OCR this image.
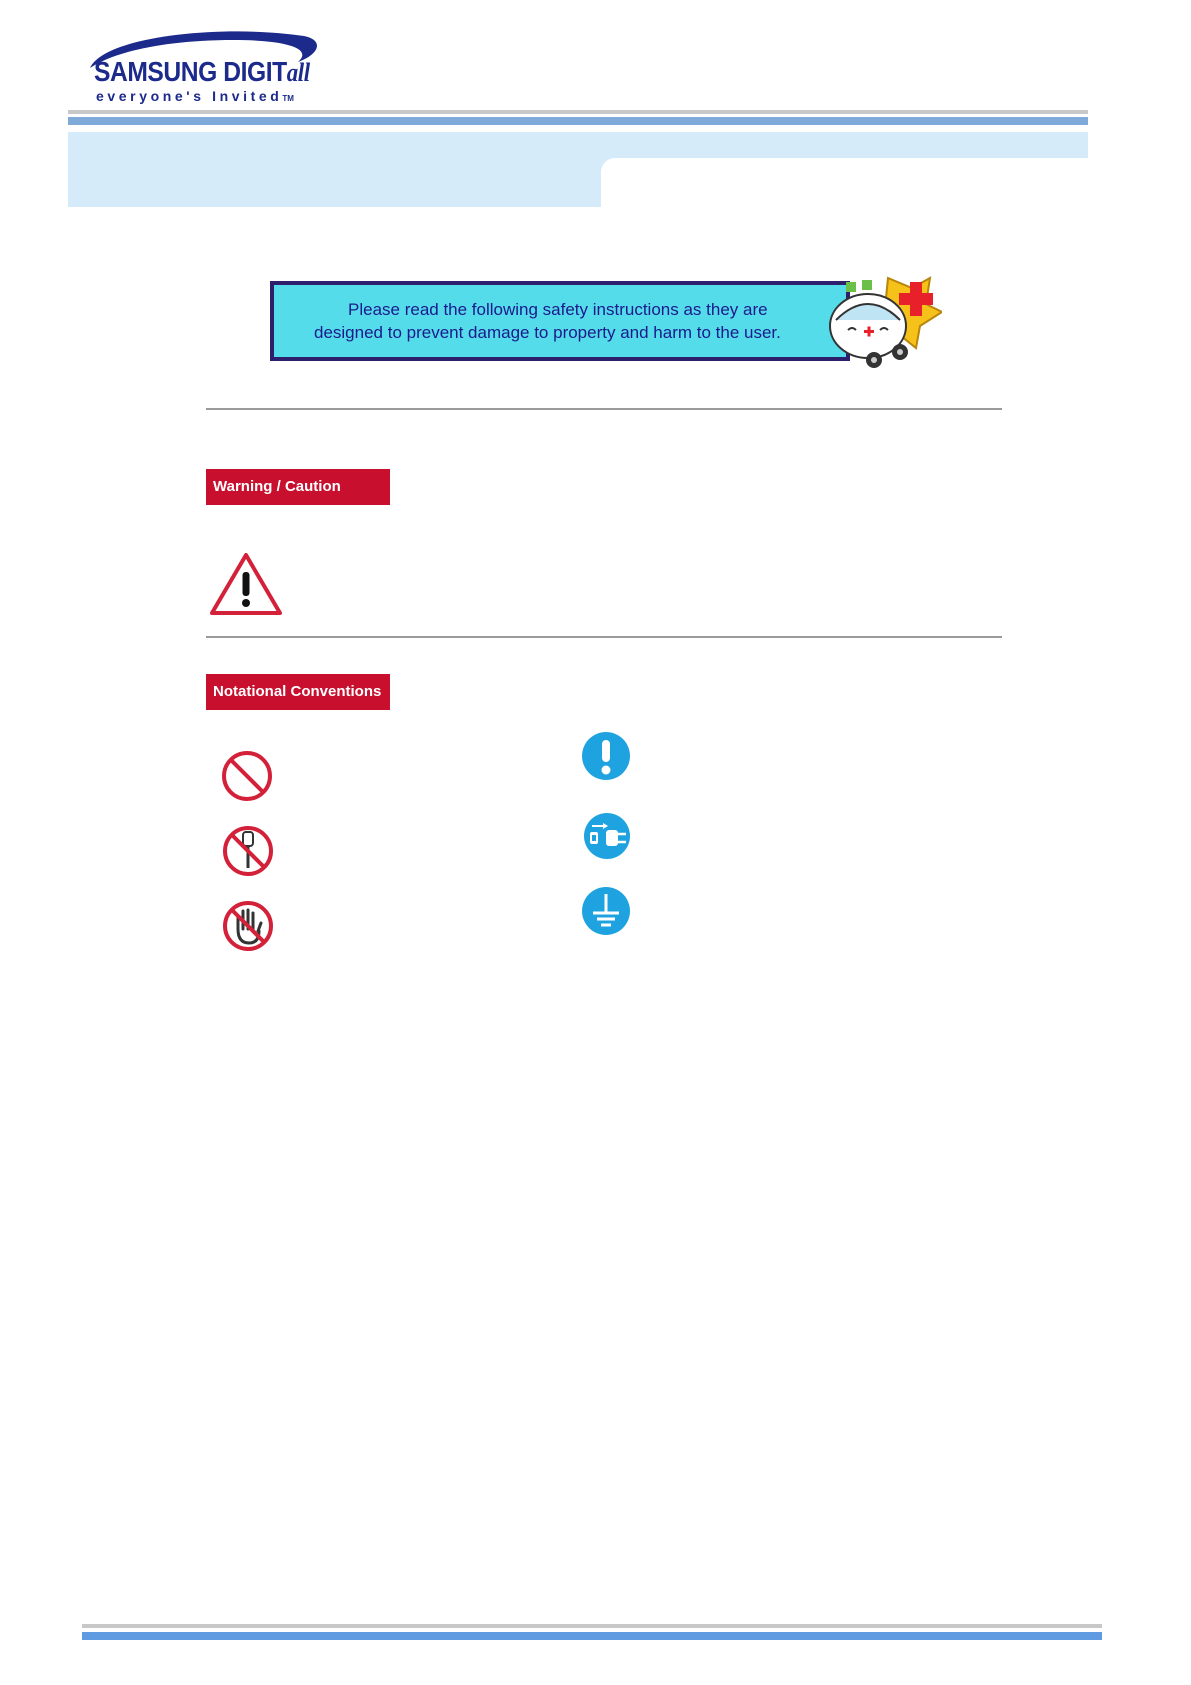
SAMSUNG DIGITall
everyone's InvitedTM
Please read the following safety instructions as they are
designed to prevent damage to property and harm to the user.
Warning / Caution
Notational Conventions
